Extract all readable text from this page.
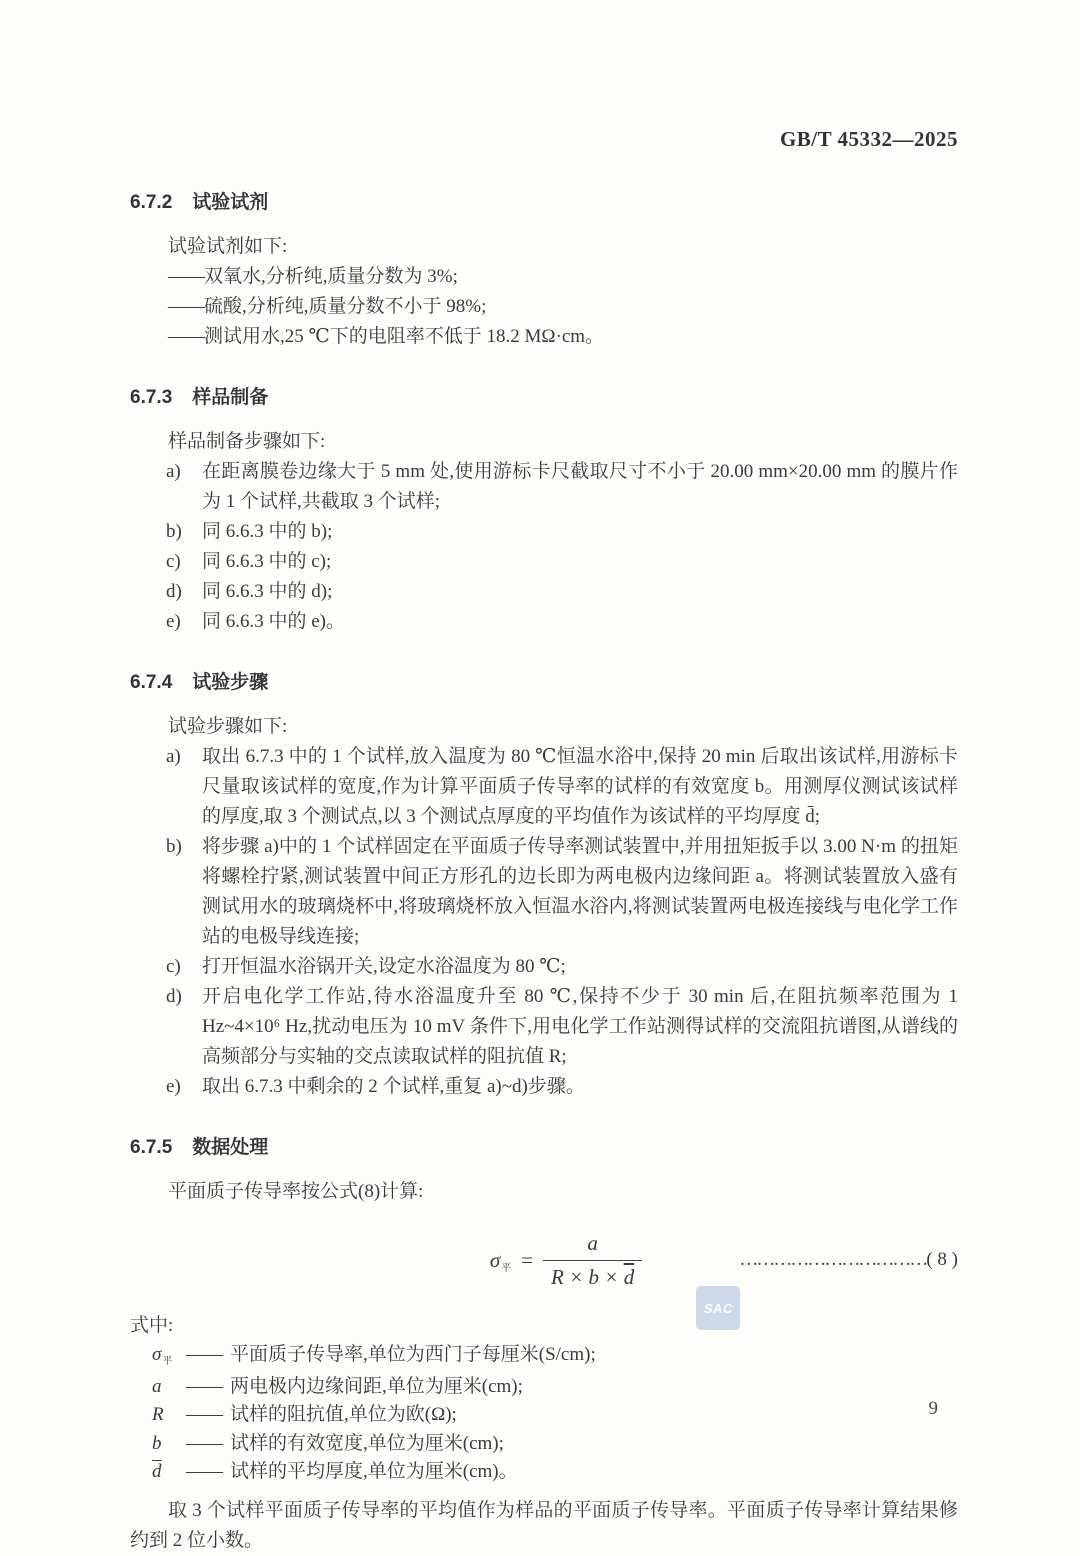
GB/T 45332—2025
6.7.2 试验试剂

试验试剂如下:

—— 双氧水,分析纯,质量分数为 3%;
—— 硫酸,分析纯,质量分数不小于 98%;
—— 测试用水,25 ℃下的电阻率不低于 18.2 MΩ·cm。
6.7.3 样品制备

样品制备步骤如下:

a)	在距离膜卷边缘大于 5 mm 处,使用游标卡尺截取尺寸不小于 20.00 mm×20.00 mm 的膜片作为 1 个试样,共截取 3 个试样;
b)	同 6.6.3 中的 b);
c)	同 6.6.3 中的 c);
d)	同 6.6.3 中的 d);
e)	同 6.6.3 中的 e)。
6.7.4 试验步骤

试验步骤如下:

a)	取出 6.7.3 中的 1 个试样,放入温度为 80 ℃恒温水浴中,保持 20 min 后取出该试样,用游标卡尺量取该试样的宽度,作为计算平面质子传导率的试样的有效宽度 b。用测厚仪测试该试样的厚度,取 3 个测试点,以 3 个测试点厚度的平均值作为该试样的平均厚度 d̄;
b)	将步骤 a)中的 1 个试样固定在平面质子传导率测试装置中,并用扭矩扳手以 3.00 N·m 的扭矩将螺栓拧紧,测试装置中间正方形孔的边长即为两电极内边缘间距 a。将测试装置放入盛有测试用水的玻璃烧杯中,将玻璃烧杯放入恒温水浴内,将测试装置两电极连接线与电化学工作站的电极导线连接;
c)	打开恒温水浴锅开关,设定水浴温度为 80 ℃;
d)	开启电化学工作站,待水浴温度升至 80 ℃,保持不少于 30 min 后,在阻抗频率范围为 1 Hz~4×10⁶ Hz,扰动电压为 10 mV 条件下,用电化学工作站测得试样的交流阻抗谱图,从谱线的高频部分与实轴的交点读取试样的阻抗值 R;
e)	取出 6.7.3 中剩余的 2 个试样,重复 a)~d)步骤。
6.7.5 数据处理

平面质子传导率按公式(8)计算:

σ平 = $\frac{a}{R \times b \times \overline{d}}$	……………………………( 8 )

式中:

$\sigma_平$ —— 平面质子传导率,单位为西门子每厘米(S/cm);
a	—— 两电极内边缘间距,单位为厘米(cm);
R	—— 试样的阻抗值,单位为欧(Ω);
b	—— 试样的有效宽度,单位为厘米(cm);
$\overline{d}$	—— 试样的平均厚度,单位为厘米(cm)。

取 3 个试样平面质子传导率的平均值作为样品的平面质子传导率。平面质子传导率计算结果修约到 2 位小数。

SAC
9
